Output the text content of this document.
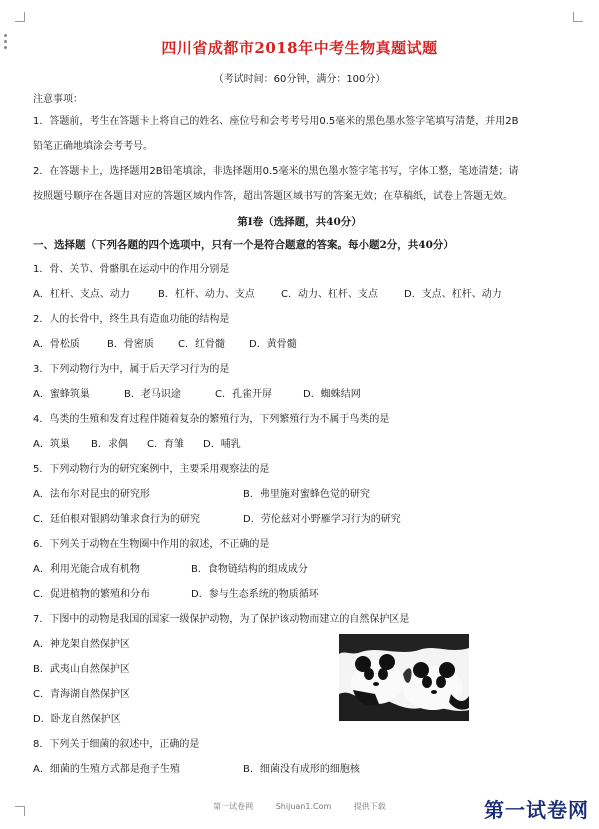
四川省成都市2018年中考生物真题试题
（考试时间：60分钟，满分：100分）
注意事项：
1．答题前，考生在答题卡上将自己的姓名、座位号和会考考号用0.5毫米的黑色墨水签字笔填写清楚，并用2B
铅笔正确地填涂会考考号。
2．在答题卡上，选择题用2B铅笔填涂，非选择题用0.5毫米的黑色墨水签字笔书写，字体工整，笔迹清楚；请
按照题号顺序在各题目对应的答题区域内作答，超出答题区域书写的答案无效；在草稿纸，试卷上答题无效。
第Ⅰ卷（选择题，共40分）
一、选择题（下列各题的四个选项中，只有一个是符合题意的答案。每小题2分，共40分）
1．骨、关节、骨骼肌在运动中的作用分别是
A．杠杆、支点、动力	B．杠杆、动力、支点	C．动力、杠杆、支点	D．支点、杠杆、动力
2．人的长骨中，终生具有造血功能的结构是
A．骨松质	B．骨密质 C．红骨髓 D．黄骨髓
3．下列动物行为中，属于后天学习行为的是
A．蜜蜂筑巢	B．老马识途	C．孔雀开屏	D．蜘蛛结网
4．鸟类的生殖和发育过程伴随着复杂的繁殖行为，下列繁殖行为不属于鸟类的是
A．筑巢 B．求偶 C．育雏 D．哺乳
5．下列动物行为的研究案例中，主要采用观察法的是
A．法布尔对昆虫的研究形	B．弗里施对蜜蜂色觉的研究
C．廷伯根对银鸥幼雏求食行为的研究	D．劳伦兹对小野雁学习行为的研究
6．下列关于动物在生物圈中作用的叙述，不正确的是
A．利用光能合成有机物	B．食物链结构的组成成分
C．促进植物的繁殖和分布	D．参与生态系统的物质循环
7．下图中的动物是我国的国家一级保护动物，为了保护该动物而建立的自然保护区是
A．神龙架自然保护区
B．武夷山自然保护区
C．青海湖自然保护区
D．卧龙自然保护区
8．下列关于细菌的叙述中，正确的是
A．细菌的生殖方式都是孢子生殖	B．细菌没有成形的细胞核
第一试卷网	Shijuan1.Com	提供下载	第一试卷网
